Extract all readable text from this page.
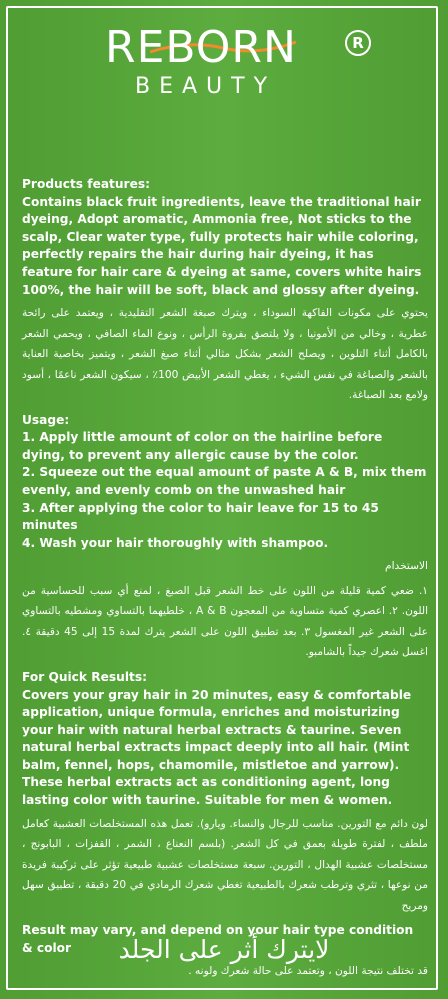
R
REBORN
BEAUTY

Products features:

Contains black fruit ingredients, leave the traditional hair dyeing, Adopt aromatic, Ammonia free, Not sticks to the scalp, Clear water type, fully protects hair while coloring, perfectly repairs the hair during hair dyeing, it has feature for hair care & dyeing at same, covers white hairs 100%, the hair will be soft, black and glossy after dyeing.

يحتوي على مكونات الفاكهة السوداء ، ويترك صبغة الشعر التقليدية ، ويعتمد على رائحة عطرية ، وخالي من الأمونيا ، ولا يلتصق بفروة الرأس ، ونوع الماء الصافي ، ويحمي الشعر بالكامل أثناء التلوين ، ويصلح الشعر بشكل مثالي أثناء صبغ الشعر ، ويتميز بخاصية العناية بالشعر والصباغة في نفس الشيء ، يغطي الشعر الأبيض 100٪ ، سيكون الشعر ناعمًا ، أسود ولامع بعد الصباغة.

Usage:

1. Apply little amount of color on the hairline before dying, to prevent any allergic cause by the color.

2. Squeeze out the equal amount of paste A & B, mix them evenly, and evenly comb on the unwashed hair

3. After applying the color to hair leave for 15 to 45 minutes

4. Wash your hair thoroughly with shampoo.

الاستخدام

١. ضعي كمية قليلة من اللون على خط الشعر قبل الصبغ ، لمنع أي سبب للحساسية من اللون. ٢. اعصري كمية متساوية من المعجون A & B ، خلطيهما بالتساوي ومشطيه بالتساوي على الشعر غير المغسول ٣. بعد تطبيق اللون على الشعر يترك لمدة 15 إلى 45 دقيقة ٤. اغسل شعرك جيداً بالشامبو.

For Quick Results:

Covers your gray hair in 20 minutes, easy & comfortable application, unique formula, enriches and moisturizing your hair with natural herbal extracts & taurine. Seven natural herbal extracts impact deeply into all hair. (Mint balm, fennel, hops, chamomile, mistletoe and yarrow). These herbal extracts act as conditioning agent, long lasting color with taurine. Suitable for men & women.

لون دائم مع التورين. مناسب للرجال والنساء. ويارو). تعمل هذه المستخلصات العشبية كعامل ملطف ، لفترة طويلة بعمق في كل الشعر. (بلسم النعناع ، الشمر ، القفزات ، البابونج ، مستخلصات عشبية الهدال ، التورين. سبعة مستخلصات عشبية طبيعية تؤثر على تركيبة فريدة من نوعها ، تثري وترطب شعرك بالطبيعية تغطي شعرك الرمادي في 20 دقيقة ، تطبيق سهل ومريح

Result may vary, and depend on your hair type condition & color

قد تختلف نتيجة اللون ، وتعتمد على حالة شعرك ولونه .

لايترك أثر على الجلد
